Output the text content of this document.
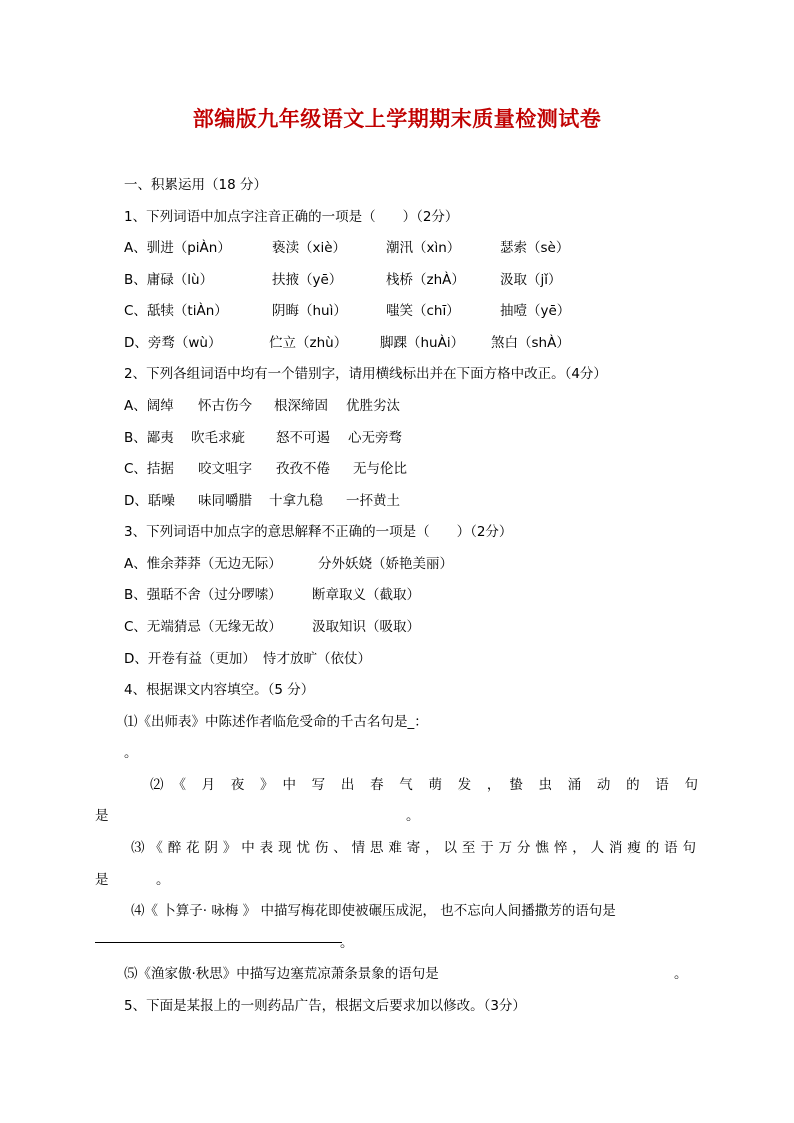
部编版九年级语文上学期期末质量检测试卷
一、积累运用（18 分）
1、下列词语中加点字注音正确的一项是（　　）（2分）
A、驯进（piÀn）	亵渎（xiè）	潮汛（xìn）	瑟索（sè）
B、庸碌（lù）	扶掖（yē）	栈桥（zhÀ）	汲取（jǐ）
C、舐犊（tiÀn）	阴晦（huì）	嗤笑（chī）	抽噎（yē）
D、旁骛（wù）	伫立（zhù） 脚踝（huÀi） 煞白（shÀ）
2、下列各组词语中均有一个错别字，请用横线标出并在下面方格中改正。（4分）
A、阔绰 怀古伤今 根深缔固 优胜劣汰
B、鄙夷 吹毛求疵 怒不可遏 心无旁骛
C、拮据 咬文咀字 孜孜不倦 无与伦比
D、聒噪 味同嚼腊 十拿九稳 一抔黄土
3、下列词语中加点字的意思解释不正确的一项是（　　）（2分）
A、惟余莽莽（无边无际）	分外妖娆（娇艳美丽）
B、强聒不舍（过分啰嗦） 断章取义（截取）
C、无端猜忌（无缘无故） 汲取知识（吸取）
D、开卷有益（更加） 恃才放旷（依仗）
4、根据课文内容填空。（5 分）
⑴《出师表》中陈述作者临危受命的千古名句是_：
。
⑵　《　月　夜　》　中　写　出　春　气　萌　发　，　蛰　虫　涌　动　的　语　句
是	。
⑶《醉花阴》中表现忧伤、情思难寄，以至于万分憔悴，人消瘦的语句
是	。
⑷《 卜算子· 咏梅 》 中描写梅花即使被碾压成泥， 也不忘向人间播撒芳的语句是
。
⑸《渔家傲·秋思》中描写边塞荒凉萧条景象的语句是	。
5、下面是某报上的一则药品广告，根据文后要求加以修改。（3分）
